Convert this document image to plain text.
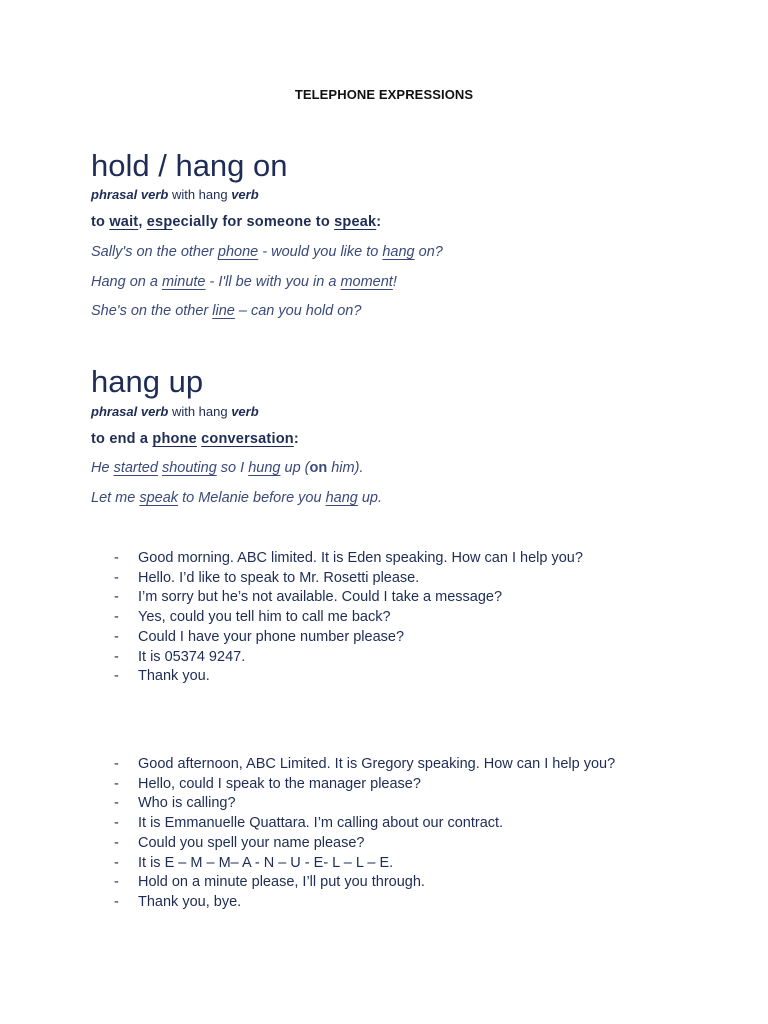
TELEPHONE EXPRESSIONS
hold / hang on
phrasal verb with hang verb
to wait, especially for someone to speak:
Sally's on the other phone - would you like to hang on?
Hang on a minute - I'll be with you in a moment!
She's on the other line – can you hold on?
hang up
phrasal verb with hang verb
to end a phone conversation:
He started shouting so I hung up (on him).
Let me speak to Melanie before you hang up.
- Good morning. ABC limited. It is Eden speaking. How can I help you?
- Hello. I’d like to speak to Mr. Rosetti please.
- I’m sorry but he’s not available. Could I take a message?
- Yes, could you tell him to call me back?
- Could I have your phone number please?
- It is 05374 9247.
- Thank you.
- Good afternoon, ABC Limited. It is Gregory speaking. How can I help you?
- Hello, could I speak to the manager please?
- Who is calling?
- It is Emmanuelle Quattara. I’m calling about our contract.
- Could you spell your name please?
- It is E – M – M– A - N – U - E- L – L – E.
- Hold on a minute please, I’ll put you through.
- Thank you, bye.
